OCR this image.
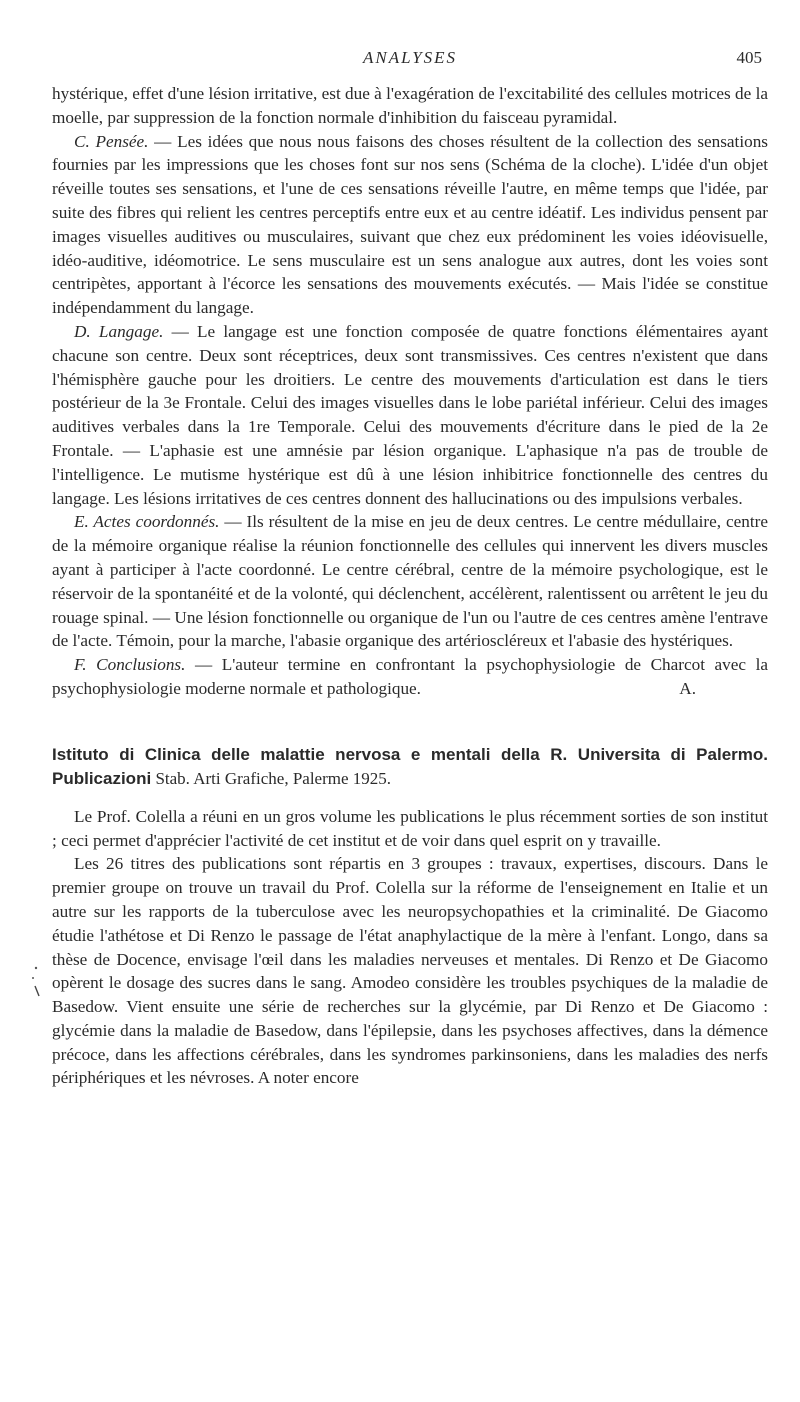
ANALYSES	405

hystérique, effet d'une lésion irritative, est due à l'exagération de l'excitabilité des cellules motrices de la moelle, par suppression de la fonction normale d'inhibition du faisceau pyramidal.

C. Pensée. — Les idées que nous nous faisons des choses résultent de la collection des sensations fournies par les impressions que les choses font sur nos sens (Schéma de la cloche). L'idée d'un objet réveille toutes ses sensations, et l'une de ces sensations réveille l'autre, en même temps que l'idée, par suite des fibres qui relient les centres perceptifs entre eux et au centre idéatif. Les individus pensent par images visuelles auditives ou musculaires, suivant que chez eux prédominent les voies idéovisuelle, idéo-auditive, idéomotrice. Le sens musculaire est un sens analogue aux autres, dont les voies sont centripètes, apportant à l'écorce les sensations des mouvements exécutés. — Mais l'idée se constitue indépendamment du langage.

D. Langage. — Le langage est une fonction composée de quatre fonctions élémentaires ayant chacune son centre. Deux sont réceptrices, deux sont transmissives. Ces centres n'existent que dans l'hémisphère gauche pour les droitiers. Le centre des mouvements d'articulation est dans le tiers postérieur de la 3e Frontale. Celui des images visuelles dans le lobe pariétal inférieur. Celui des images auditives verbales dans la 1re Temporale. Celui des mouvements d'écriture dans le pied de la 2e Frontale. — L'aphasie est une amnésie par lésion organique. L'aphasique n'a pas de trouble de l'intelligence. Le mutisme hystérique est dû à une lésion inhibitrice fonctionnelle des centres du langage. Les lésions irritatives de ces centres donnent des hallucinations ou des impulsions verbales.

E. Actes coordonnés. — Ils résultent de la mise en jeu de deux centres. Le centre médullaire, centre de la mémoire organique réalise la réunion fonctionnelle des cellules qui innervent les divers muscles ayant à participer à l'acte coordonné. Le centre cérébral, centre de la mémoire psychologique, est le réservoir de la spontanéité et de la volonté, qui déclenchent, accélèrent, ralentissent ou arrêtent le jeu du rouage spinal. — Une lésion fonctionnelle ou organique de l'un ou l'autre de ces centres amène l'entrave de l'acte. Témoin, pour la marche, l'abasie organique des artérioscléreux et l'abasie des hystériques.

F. Conclusions. — L'auteur termine en confrontant la psychophysiologie de Charcot avec la psychophysiologie moderne normale et pathologique.	A.

Istituto di Clinica delle malattie nervosa e mentali della R. Universita di Palermo. Publicazioni Stab. Arti Grafiche, Palerme 1925.

Le Prof. Colella a réuni en un gros volume les publications le plus récemment sorties de son institut ; ceci permet d'apprécier l'activité de cet institut et de voir dans quel esprit on y travaille.

Les 26 titres des publications sont répartis en 3 groupes : travaux, expertises, discours. Dans le premier groupe on trouve un travail du Prof. Colella sur la réforme de l'enseignement en Italie et un autre sur les rapports de la tuberculose avec les neuropsychopathies et la criminalité. De Giacomo étudie l'athétose et Di Renzo le passage de l'état anaphylactique de la mère à l'enfant. Longo, dans sa thèse de Docence, envisage l'œil dans les maladies nerveuses et mentales. Di Renzo et De Giacomo opèrent le dosage des sucres dans le sang. Amodeo considère les troubles psychiques de la maladie de Basedow. Vient ensuite une série de recherches sur la glycémie, par Di Renzo et De Giacomo : glycémie dans la maladie de Basedow, dans l'épilepsie, dans les psychoses affectives, dans la démence précoce, dans les affections cérébrales, dans les syndromes parkinsoniens, dans les maladies des nerfs périphériques et les névroses. A noter encore
